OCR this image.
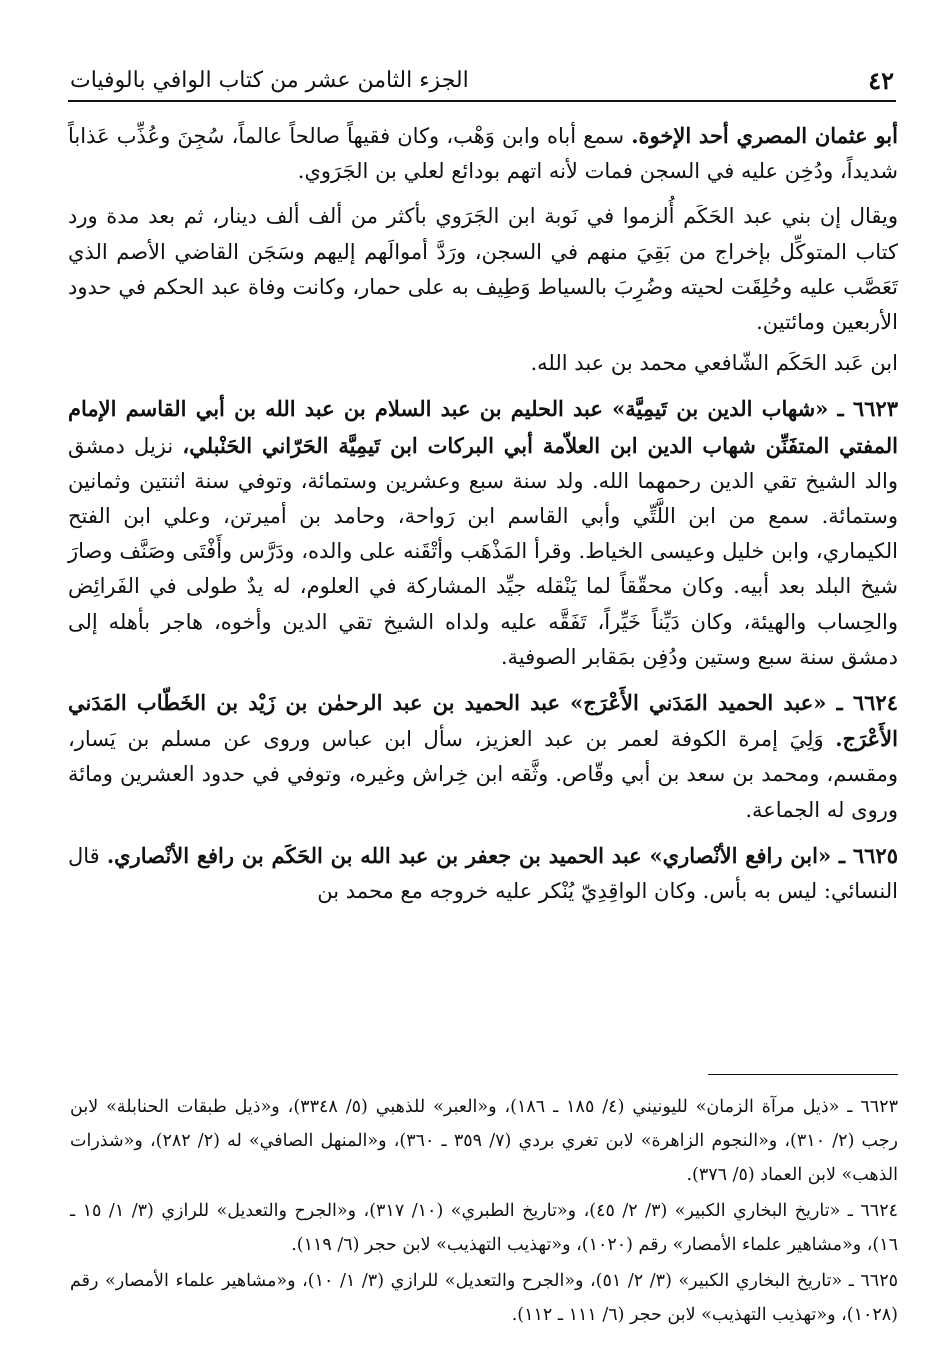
٤٢
الجزء الثامن عشر من كتاب الوافي بالوفيات

أبو عثمان المصري أحد الإخوة. سمع أباه وابن وَهْب، وكان فقيهاً صالحاً عالماً، سُجِنَ وعُذِّب عَذاباً شديداً، ودُخِن عليه في السجن فمات لأنه اتهم بودائع لعلي بن الجَرَوي.

ويقال إن بني عبد الحَكَم أُلزموا في نَوبة ابن الجَرَوي بأكثر من ألف ألف دينار، ثم بعد مدة ورد كتاب المتوكِّل بإخراج من بَقِيَ منهم في السجن، ورَدَّ أموالَهم إليهم وسَجَن القاضي الأصم الذي تَعَصَّب عليه وحُلِقَت لحيته وضُرِبَ بالسياط وَطِيف به على حمار، وكانت وفاة عبد الحكم في حدود الأربعين ومائتين.

ابن عَبد الحَكَم الشّافعي محمد بن عبد الله.

٦٦٢٣ ـ «شهاب الدين بن تَيمِيَّة» عبد الحليم بن عبد السلام بن عبد الله بن أبي القاسم الإمام المفتي المتفَنِّن شهاب الدين ابن العلاّمة أبي البركات ابن تَيمِيَّة الحَرّاني الحَنْبلي، نزيل دمشق والد الشيخ تقي الدين رحمهما الله. ولد سنة سبع وعشرين وستمائة، وتوفي سنة اثنتين وثمانين وستمائة. سمع من ابن اللَّتِّي وأبي القاسم ابن رَواحة، وحامد بن أميرتن، وعلي ابن الفتح الكيماري، وابن خليل وعيسى الخياط. وقرأ المَذْهَب وأتْقَنه على والده، ودَرَّس وأَفْتَى وصَنَّف وصارَ شيخ البلد بعد أبيه. وكان محقّقاً لما يَنْقله جيِّد المشاركة في العلوم، له يدٌ طولى في الفَرائِض والحِساب والهيئة، وكان دَيِّناً خَيِّراً، تَفَقَّه عليه ولداه الشيخ تقي الدين وأخوه، هاجر بأهله إلى دمشق سنة سبع وستين ودُفِن بمَقابر الصوفية.

٦٦٢٤ ـ «عبد الحميد المَدَني الأَعْرَج» عبد الحميد بن عبد الرحمٰن بن زَيْد بن الخَطّاب المَدَني الأَعْرَج. وَلِيَ إمرة الكوفة لعمر بن عبد العزيز، سأل ابن عباس وروى عن مسلم بن يَسار، ومقسم، ومحمد بن سعد بن أبي وقّاص. وثَّقه ابن خِراش وغيره، وتوفي في حدود العشرين ومائة وروى له الجماعة.

٦٦٢٥ ـ «ابن رافع الأنْصاري» عبد الحميد بن جعفر بن عبد الله بن الحَكَم بن رافع الأنْصاري. قال النسائي: ليس به بأس. وكان الواقِدِيّ يُنْكر عليه خروجه مع محمد بن

٦٦٢٣ ـ «ذيل مرآة الزمان» لليونيني (٤/ ١٨٥ ـ ١٨٦)، و«العبر» للذهبي (٥/ ٣٣٤٨)، و«ذيل طبقات الحنابلة» لابن رجب (٢/ ٣١٠)، و«النجوم الزاهرة» لابن تغري بردي (٧/ ٣٥٩ ـ ٣٦٠)، و«المنهل الصافي» له (٢/ ٢٨٢)، و«شذرات الذهب» لابن العماد (٥/ ٣٧٦).

٦٦٢٤ ـ «تاريخ البخاري الكبير» (٣/ ٢/ ٤٥)، و«تاريخ الطبري» (١٠/ ٣١٧)، و«الجرح والتعديل» للرازي (٣/ ١/ ١٥ ـ ١٦)، و«مشاهير علماء الأمصار» رقم (١٠٢٠)، و«تهذيب التهذيب» لابن حجر (٦/ ١١٩).

٦٦٢٥ ـ «تاريخ البخاري الكبير» (٣/ ٢/ ٥١)، و«الجرح والتعديل» للرازي (٣/ ١/ ١٠)، و«مشاهير علماء الأمصار» رقم (١٠٢٨)، و«تهذيب التهذيب» لابن حجر (٦/ ١١١ ـ ١١٢).
